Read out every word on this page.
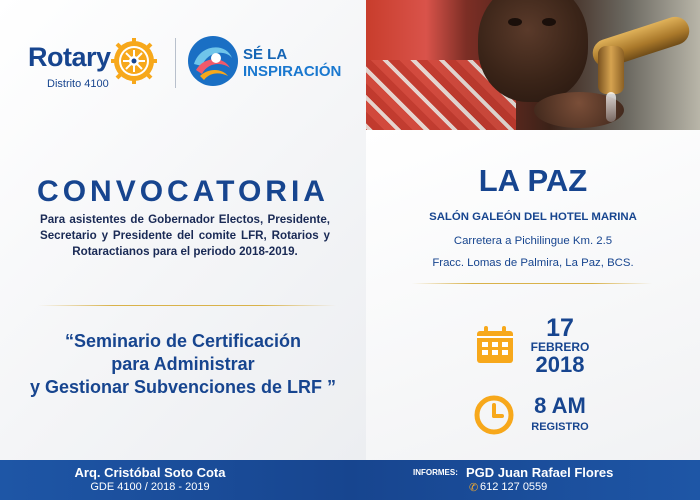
Rotary
Distrito 4100
SÉ LA
INSPIRACIÓN
CONVOCATORIA
Para asistentes de Gobernador Electos, Presidente, Secretario y Presidente del comite LFR, Rotarios y Rotaractianos para el periodo 2018-2019.
“Seminario de Certificación
para Administrar
y Gestionar Subvenciones de LRF ”
LA PAZ
SALÓN GALEÓN DEL HOTEL MARINA
Carretera a Pichilingue Km. 2.5
Fracc. Lomas de Palmira, La Paz, BCS.
17
FEBRERO
2018
8 AM
REGISTRO
Arq. Cristóbal Soto Cota
GDE 4100 / 2018 - 2019
INFORMES: PGD Juan Rafael Flores
✆ 612 127 0559
